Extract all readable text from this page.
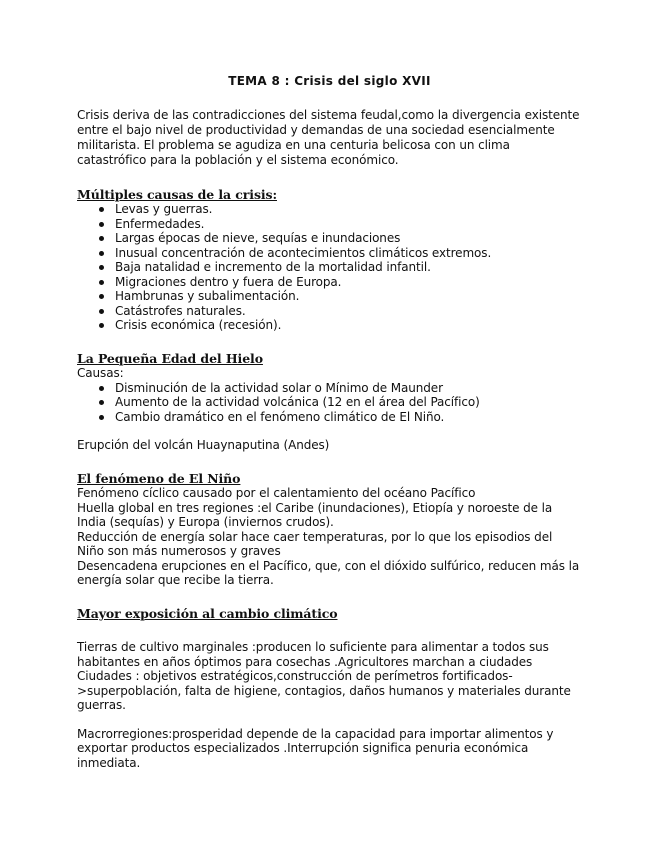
TEMA 8 : Crisis del siglo XVII

Crisis deriva de las contradicciones del sistema feudal,como la divergencia existente entre el bajo nivel de productividad y demandas de una sociedad esencialmente militarista. El problema se agudiza en una centuria belicosa con un clima catastrófico para la población y el sistema económico.

Múltiples causas de la crisis:
Levas y guerras.
Enfermedades.
Largas épocas de nieve, sequías e inundaciones
Inusual concentración de acontecimientos climáticos extremos.
Baja natalidad e incremento de la mortalidad infantil.
Migraciones dentro y fuera de Europa.
Hambrunas y subalimentación.
Catástrofes naturales.
Crisis económica (recesión).
La Pequeña Edad del Hielo

Causas:

Disminución de la actividad solar o Mínimo de Maunder
Aumento de la actividad volcánica (12 en el área del Pacífico)
Cambio dramático en el fenómeno climático de El Niño.

Erupción del volcán Huaynaputina (Andes)

El fenómeno de El Niño

Fenómeno cíclico causado por el calentamiento del océano Pacífico

Huella global en tres regiones :el Caribe (inundaciones), Etiopía y noroeste de la India (sequías) y Europa (inviernos crudos).

Reducción de energía solar hace caer temperaturas, por lo que los episodios del Niño son más numerosos y graves

Desencadena erupciones en el Pacífico, que, con el dióxido sulfúrico, reducen más la energía solar que recibe la tierra.

Mayor exposición al cambio climático

Tierras de cultivo marginales :producen lo suficiente para alimentar a todos sus habitantes en años óptimos para cosechas .Agricultores marchan a ciudades Ciudades : objetivos estratégicos,construcción de perímetros fortificados->superpoblación, falta de higiene, contagios, daños humanos y materiales durante guerras.

Macrorregiones:prosperidad depende de la capacidad para importar alimentos y exportar productos especializados .Interrupción significa penuria económica inmediata.
